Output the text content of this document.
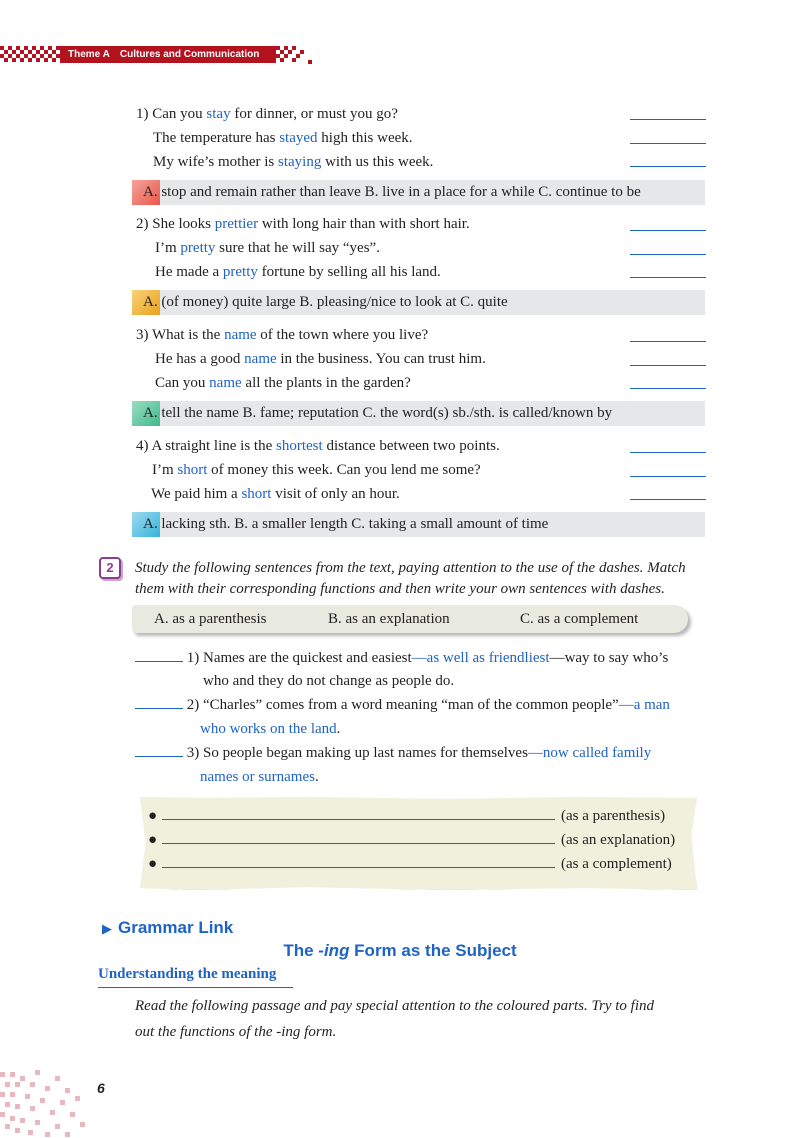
Theme A Cultures and Communication
1) Can you stay for dinner, or must you go?
The temperature has stayed high this week.
My wife’s mother is staying with us this week.
A. stop and remain rather than leave B. live in a place for a while C. continue to be
2) She looks prettier with long hair than with short hair.
I’m pretty sure that he will say “yes”.
He made a pretty fortune by selling all his land.
A. (of money) quite large B. pleasing/nice to look at C. quite
3) What is the name of the town where you live?
He has a good name in the business. You can trust him.
Can you name all the plants in the garden?
A. tell the name B. fame; reputation C. the word(s) sb./sth. is called/known by
4) A straight line is the shortest distance between two points.
I’m short of money this week. Can you lend me some?
We paid him a short visit of only an hour.
A. lacking sth. B. a smaller length C. taking a small amount of time
2	Study the following sentences from the text, paying attention to the use of the dashes. Match
them with their corresponding functions and then write your own sentences with dashes.
A. as a parenthesis	B. as an explanation	C. as a complement
1) Names are the quickest and easiest—as well as friendliest—way to say who’s
who and they do not change as people do.
2) “Charles” comes from a word meaning “man of the common people”—a man
who works on the land.
3) So people began making up last names for themselves—now called family
names or surnames.
●	(as a parenthesis)
●	(as an explanation)
●	(as a complement)
▶ Grammar Link
The -ing Form as the Subject
Understanding the meaning
Read the following passage and pay special attention to the coloured parts. Try to find
out the functions of the -ing form.
6
